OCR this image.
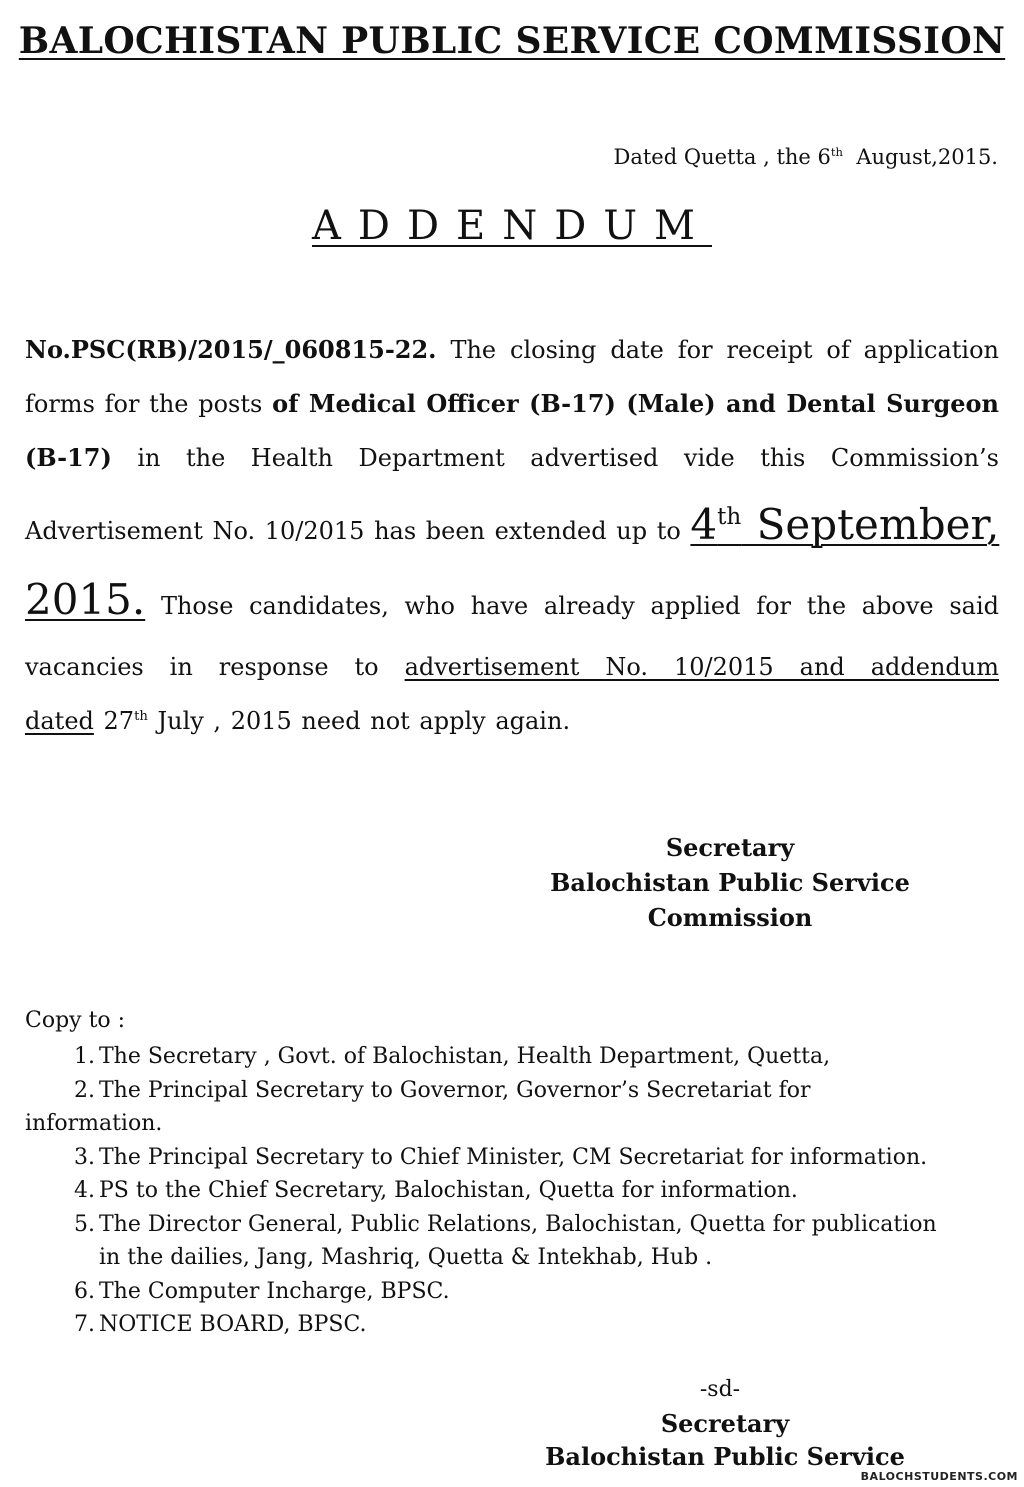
BALOCHISTAN PUBLIC SERVICE COMMISSION
Dated Quetta , the 6th  August,2015.
ADDENDUM
No.PSC(RB)/2015/_060815-22. The closing date for receipt of application
forms for the posts of Medical Officer (B-17) (Male) and Dental Surgeon
(B-17) in the Health Department advertised vide this Commission’s
Advertisement No. 10/2015 has been extended up to 4th September,
2015. Those candidates, who have already applied for the above said
vacancies in response to advertisement No. 10/2015 and addendum
dated 27th July , 2015 need not apply again.
Secretary
Balochistan Public Service
Commission
Copy to :
1. The Secretary , Govt. of Balochistan, Health Department, Quetta,
2. The Principal Secretary to Governor, Governor’s Secretariat for
information.
3. The Principal Secretary to Chief Minister, CM Secretariat for information.
4. PS to the Chief Secretary, Balochistan, Quetta for information.
5. The Director General, Public Relations, Balochistan, Quetta for publication
in the dailies, Jang, Mashriq, Quetta & Intekhab, Hub .
6. The Computer Incharge, BPSC.
7. NOTICE BOARD, BPSC.
-sd-
Secretary
Balochistan Public Service
BALOCHSTUDENTS.COM
